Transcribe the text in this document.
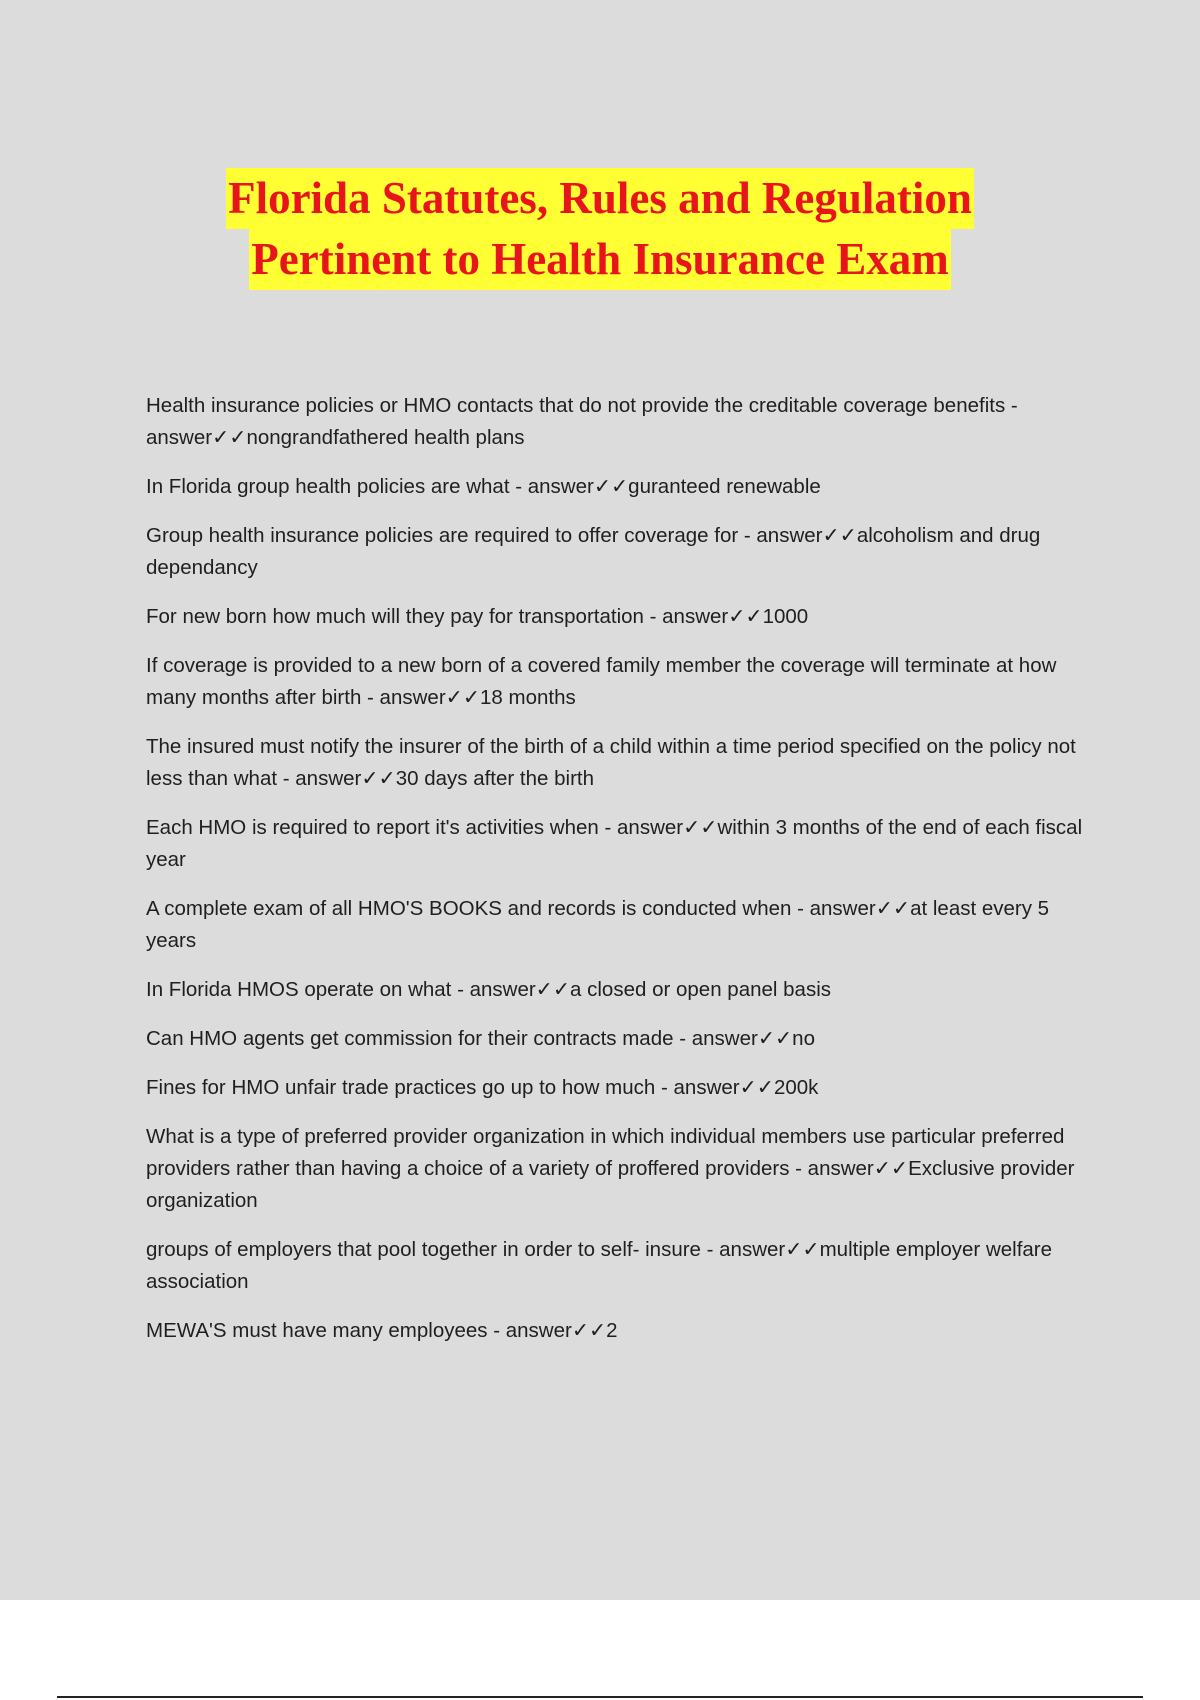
Florida Statutes, Rules and Regulation
Pertinent to Health Insurance Exam

Health insurance policies or HMO contacts that do not provide the creditable coverage benefits - answer✓✓nongrandfathered health plans

In Florida group health policies are what - answer✓✓guranteed renewable

Group health insurance policies are required to offer coverage for - answer✓✓alcoholism and drug dependancy

For new born how much will they pay for transportation - answer✓✓1000

If coverage is provided to a new born of a covered family member the coverage will terminate at how many months after birth - answer✓✓18 months

The insured must notify the insurer of the birth of a child within a time period specified on the policy not less than what - answer✓✓30 days after the birth

Each HMO is required to report it's activities when - answer✓✓within 3 months of the end of each fiscal year

A complete exam of all HMO'S BOOKS and records is conducted when - answer✓✓at least every 5 years

In Florida HMOS operate on what - answer✓✓a closed or open panel basis

Can HMO agents get commission for their contracts made - answer✓✓no

Fines for HMO unfair trade practices go up to how much - answer✓✓200k

What is a type of preferred provider organization in which individual members use particular preferred providers rather than having a choice of a variety of proffered providers - answer✓✓Exclusive provider organization

groups of employers that pool together in order to self- insure - answer✓✓multiple employer welfare association

MEWA'S must have many employees - answer✓✓2
